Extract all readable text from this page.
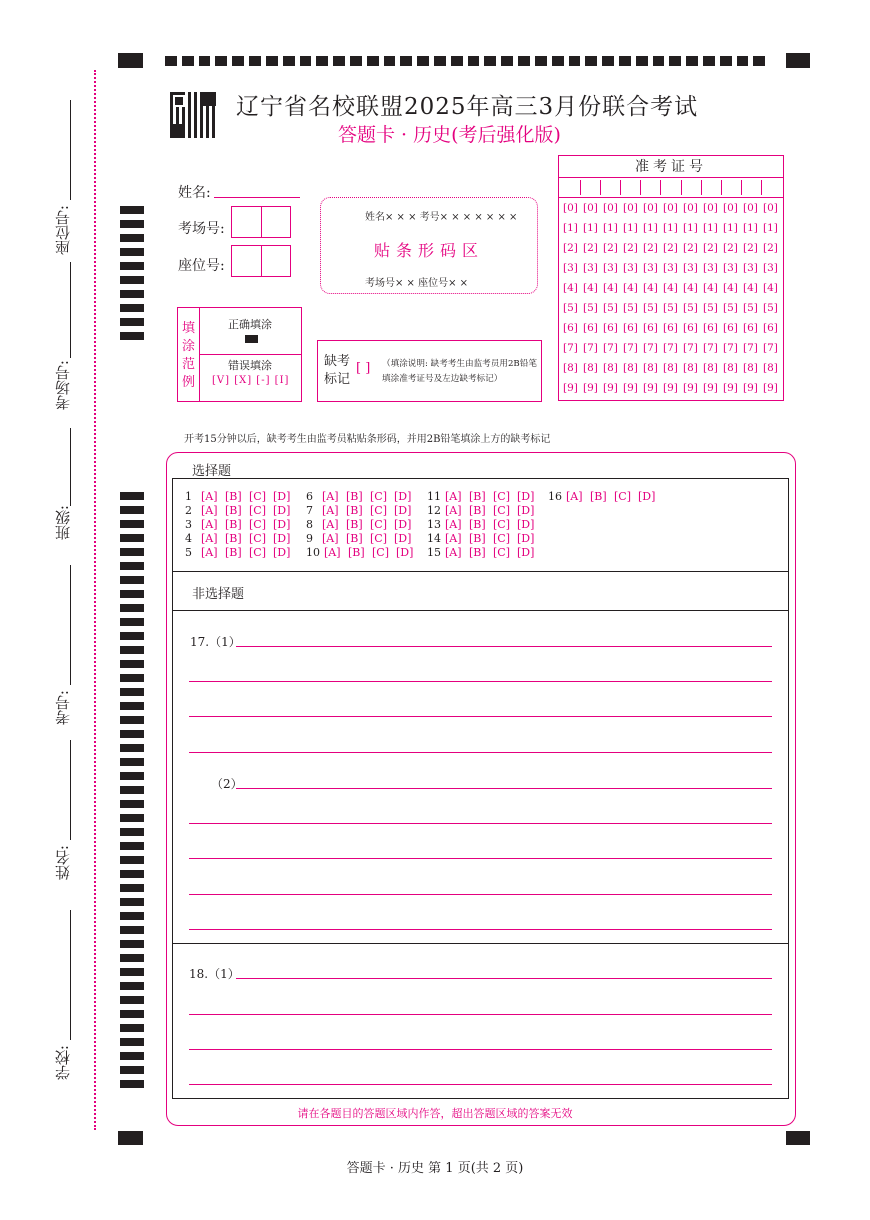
座位号:
考场号:
班级:
考号:
姓名:
学校:
辽宁省名校联盟2025年高三3月份联合考试
答题卡 · 历史(考后强化版)
姓名:
考场号:
座位号:
姓名× × × 考号× × × × × × ×
贴条形码区
考场号× × 座位号× ×
准考证号
[0] [0] [0] [0] [0] [0] [0] [0] [0] [0] [0]
[1] [1] [1] [1] [1] [1] [1] [1] [1] [1] [1]
[2] [2] [2] [2] [2] [2] [2] [2] [2] [2] [2]
[3] [3] [3] [3] [3] [3] [3] [3] [3] [3] [3]
[4] [4] [4] [4] [4] [4] [4] [4] [4] [4] [4]
[5] [5] [5] [5] [5] [5] [5] [5] [5] [5] [5]
[6] [6] [6] [6] [6] [6] [6] [6] [6] [6] [6]
[7] [7] [7] [7] [7] [7] [7] [7] [7] [7] [7]
[8] [8] [8] [8] [8] [8] [8] [8] [8] [8] [8]
[9] [9] [9] [9] [9] [9] [9] [9] [9] [9] [9]
填涂范例
正确填涂
错误填涂
[V] [X] [-] [I]
缺考标记
[ ] （填涂说明: 缺考考生由监考员用2B铅笔填涂准考证号及左边缺考标记）
开考15分钟以后，缺考考生由监考员粘贴条形码，并用2B铅笔填涂上方的缺考标记
选择题
1 [A] [B] [C] [D]	6 [A] [B] [C] [D]	11 [A] [B] [C] [D]	16 [A] [B] [C] [D]
2 [A] [B] [C] [D]	7 [A] [B] [C] [D]	12 [A] [B] [C] [D]
3 [A] [B] [C] [D]	8 [A] [B] [C] [D]	13 [A] [B] [C] [D]
4 [A] [B] [C] [D]	9 [A] [B] [C] [D]	14 [A] [B] [C] [D]
5 [A] [B] [C] [D]	10 [A] [B] [C] [D]	15 [A] [B] [C] [D]
非选择题
17.（1）
（2）
18.（1）
请在各题目的答题区域内作答，超出答题区域的答案无效
答题卡 · 历史 第 1 页(共 2 页)
